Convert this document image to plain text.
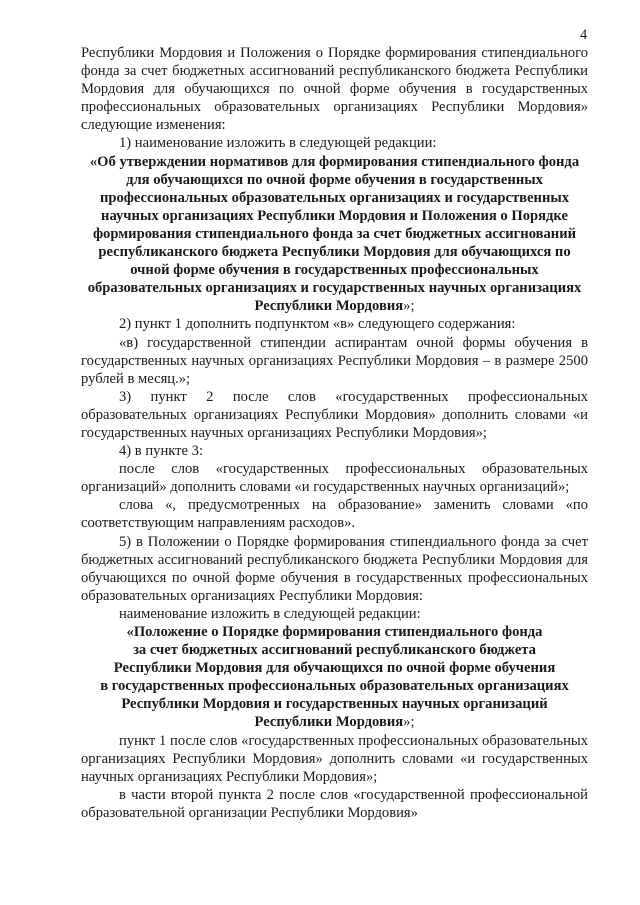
4

Республики Мордовия и Положения о Порядке формирования стипендиального фонда за счет бюджетных ассигнований республиканского бюджета Республики Мордовия для обучающихся по очной форме обучения в государственных профессиональных образовательных организациях Республики Мордовия» следующие изменения:

1) наименование изложить в следующей редакции:

«Об утверждении нормативов для формирования стипендиального фонда для обучающихся по очной форме обучения в государственных профессиональных образовательных организациях и государственных научных организациях Республики Мордовия и Положения о Порядке формирования стипендиального фонда за счет бюджетных ассигнований республиканского бюджета Республики Мордовия для обучающихся по очной форме обучения в государственных профессиональных образовательных организациях и государственных научных организациях Республики Мордовия»;

2) пункт 1 дополнить подпунктом «в» следующего содержания:

«в) государственной стипендии аспирантам очной формы обучения в государственных научных организациях Республики Мордовия – в размере 2500 рублей в месяц.»;

3) пункт 2 после слов «государственных профессиональных образовательных организациях Республики Мордовия» дополнить словами «и государственных научных организациях Республики Мордовия»;

4) в пункте 3:

после слов «государственных профессиональных образовательных организаций» дополнить словами «и государственных научных организаций»;

слова «, предусмотренных на образование» заменить словами «по соответствующим направлениям расходов».

5) в Положении о Порядке формирования стипендиального фонда за счет бюджетных ассигнований республиканского бюджета Республики Мордовия для обучающихся по очной форме обучения в государственных профессиональных образовательных организациях Республики Мордовия:

наименование изложить в следующей редакции:

«Положение о Порядке формирования стипендиального фонда
за счет бюджетных ассигнований республиканского бюджета
Республики Мордовия для обучающихся по очной форме обучения
в государственных профессиональных образовательных организациях
Республики Мордовия и государственных научных организаций
Республики Мордовия»;

пункт 1 после слов «государственных профессиональных образовательных организациях Республики Мордовия» дополнить словами «и государственных научных организациях Республики Мордовия»;

в части второй пункта 2 после слов «государственной профессиональной образовательной организации Республики Мордовия»
